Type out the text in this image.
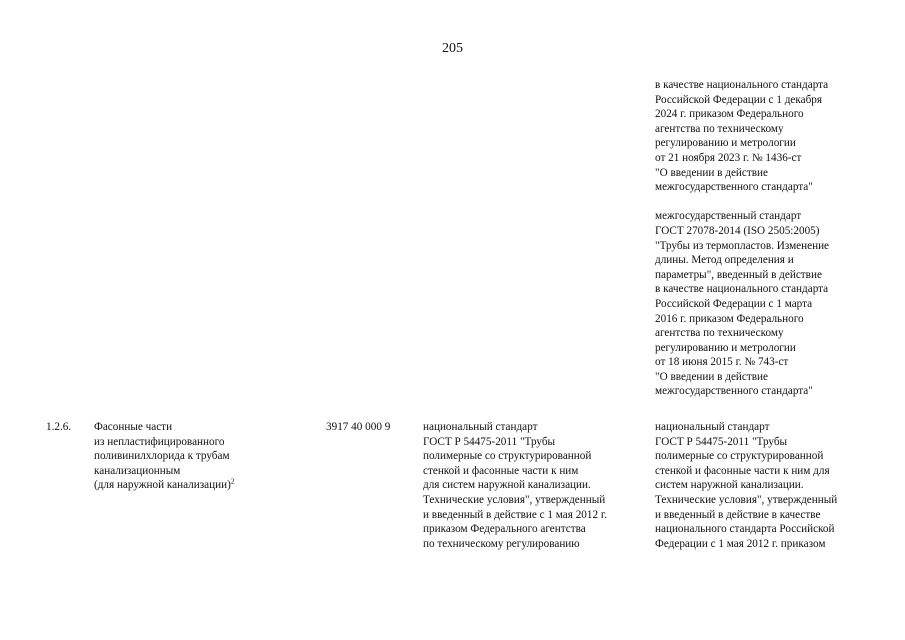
205
в качестве национального стандарта
Российской Федерации с 1 декабря
2024 г. приказом Федерального
агентства по техническому
регулированию и метрологии
от 21 ноября 2023 г. № 1436-ст
"О введении в действие
межгосударственного стандарта"
межгосударственный стандарт
ГОСТ 27078-2014 (ISO 2505:2005)
"Трубы из термопластов. Изменение
длины. Метод определения и
параметры", введенный в действие
в качестве национального стандарта
Российской Федерации с 1 марта
2016 г. приказом Федерального
агентства по техническому
регулированию и метрологии
от 18 июня 2015 г. № 743-ст
"О введении в действие
межгосударственного стандарта"
1.2.6. Фасонные части
из непластифицированного
поливинилхлорида к трубам
канализационным
(для наружной канализации)$^2$
3917 40 000 9	национальный стандарт
ГОСТ Р 54475-2011 "Трубы
полимерные со структурированной
стенкой и фасонные части к ним
для систем наружной канализации.
Технические условия", утвержденный
и введенный в действие с 1 мая 2012 г.
приказом Федерального агентства
по техническому регулированию
национальный стандарт
ГОСТ Р 54475-2011 "Трубы
полимерные со структурированной
стенкой и фасонные части к ним для
систем наружной канализации.
Технические условия", утвержденный
и введенный в действие в качестве
национального стандарта Российской
Федерации с 1 мая 2012 г. приказом
